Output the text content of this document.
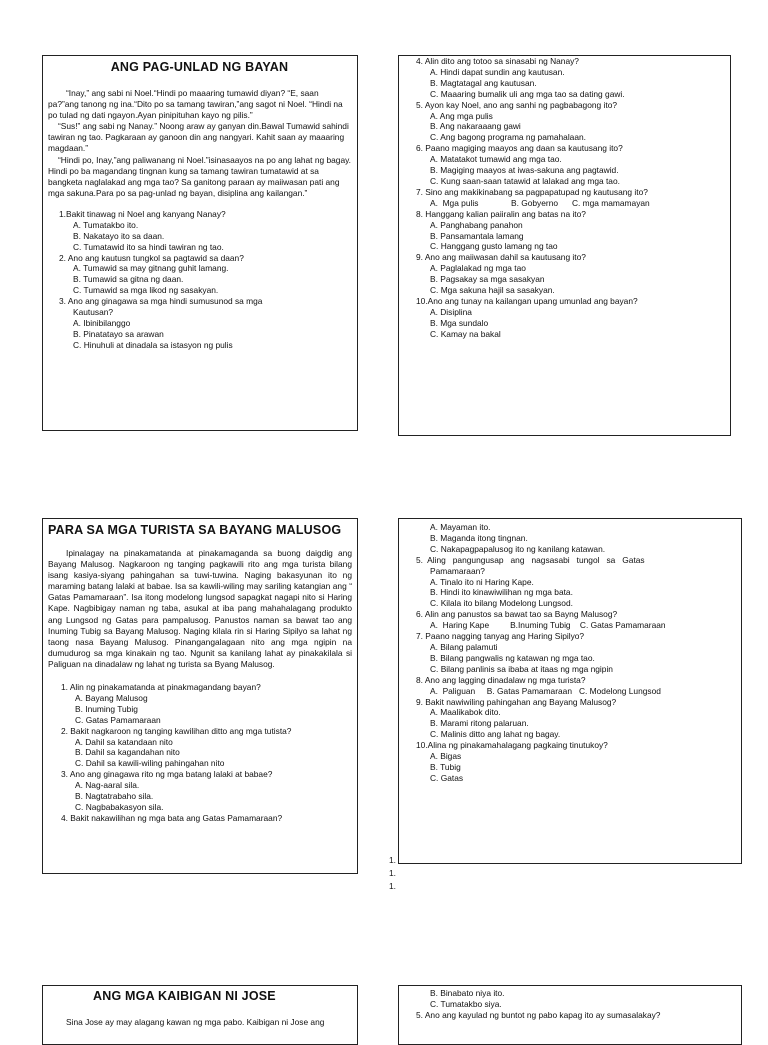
ANG PAG-UNLAD NG BAYAN

“Inay,” ang sabi ni Noel.“Hindi po maaaring tumawid diyan? “E, saan pa?”ang tanong ng ina.“Dito po sa tamang tawiran,”ang sagot ni Noel. “Hindi na po tulad ng dati ngayon.Ayan pinipituhan kayo ng pilis.”

“Sus!” ang sabi ng Nanay.” Noong araw ay ganyan din.Bawal Tumawid sahindi tawiran ng tao. Pagkaraan ay ganoon din ang nangyari. Kahit saan ay maaaring magdaan.”

“Hindi po, Inay,”ang paliwanang ni Noel.”isinasaayos na po ang lahat ng bagay. Hindi po ba magandang tingnan kung sa tamang tawiran tumatawid at sa bangketa naglalakad ang mga tao? Sa ganitong paraan ay maiiwasan pati ang mga sakuna.Para po sa pag-unlad ng bayan, disiplina ang kailangan.”

1.Bakit tinawag ni Noel ang kanyang Nanay?
A. Tumatakbo ito.
B. Nakatayo ito sa daan.
C. Tumatawid ito sa hindi tawiran ng tao.
2. Ano ang kautusn tungkol sa pagtawid sa daan?
A. Tumawid sa may gitnang guhit lamang.
B. Tumawid sa gitna ng daan.
C. Tumawid sa mga likod ng sasakyan.
3. Ano ang ginagawa sa mga hindi sumusunod sa mga
Kautusan?
A. Ibinibilanggo
B. Pinatatayo sa arawan
C. Hinuhuli at dinadala sa istasyon ng pulis
4. Alin dito ang totoo sa sinasabi ng Nanay?
A. Hindi dapat sundin ang kautusan.
B. Magtatagal ang kautusan.
C. Maaaring bumalik uli ang mga tao sa dating gawi.
5. Ayon kay Noel, ano ang sanhi ng pagbabagong ito?
A. Ang mga pulis
B. Ang nakaraaang gawi
C. Ang bagong programa ng pamahalaan.
6. Paano magiging maayos ang daan sa kautusang ito?
A. Matatakot tumawid ang mga tao.
B. Magiging maayos at iwas-sakuna ang pagtawid.
C. Kung saan-saan tatawid at lalakad ang mga tao.
7. Sino ang makikinabang sa pagpapatupad ng kautusang ito?
A.  Mga pulis              B. Gobyerno      C. mga mamamayan
8. Hanggang kalian paiiralin ang batas na ito?
A. Panghabang panahon
B. Pansamantala lamang
C. Hanggang gusto lamang ng tao
9. Ano ang maiiwasan dahil sa kautusang ito?
A. Paglalakad ng mga tao
B. Pagsakay sa mga sasakyan
C. Mga sakuna hajil sa sasakyan.
10.Ano ang tunay na kailangan upang umunlad ang bayan?
A. Disiplina
B. Mga sundalo
C. Kamay na bakal
PARA SA MGA TURISTA SA BAYANG MALUSOG

Ipinalagay na pinakamatanda at pinakamaganda sa buong daigdig ang Bayang Malusog. Nagkaroon ng tanging pagkawili rito ang mga turista bilang isang kasiya-siyang pahingahan sa tuwi-tuwina. Naging bakasyunan ito ng maraming batang lalaki at babae. Isa sa kawili-wiling may sariling katangian ang “ Gatas Pamamaraan”. Isa itong modelong lungsod sapagkat nagapi nito si Haring Kape. Nagbibigay naman ng taba, asukal at iba pang mahahalagang produkto ang Lungsod ng Gatas para pampalusog. Panustos naman sa bawat tao ang Inuming Tubig sa Bayang Malusog. Naging kilala rin si Haring Sipilyo sa lahat ng taong nasa Bayang Malusog. Pinangangalagaan nito ang mga ngipin na dumudurog sa mga kinakain ng tao. Ngunit sa kanilang lahat ay pinakakilala si Paliguan na dinadalaw ng lahat ng turista sa Byang Malusog.

1. Alin ng pinakamatanda at pinakmagandang bayan?
A. Bayang Malusog
B. Inuming Tubig
C. Gatas Pamamaraan
2. Bakit nagkaroon ng tanging kawilihan ditto ang mga tutista?
A. Dahil sa katandaan nito
B. Dahil sa kagandahan nito
C. Dahil sa kawili-wiling pahingahan nito
3. Ano ang ginagawa rito ng mga batang lalaki at babae?
A. Nag-aaral sila.
B. Nagtatrabaho sila.
C. Nagbabakasyon sila.
4. Bakit nakawilihan ng mga bata ang Gatas Pamamaraan?
A. Mayaman ito.
B. Maganda itong tingnan.
C. Nakapagpapalusog ito ng kanilang katawan.
5.  Aling   pangungusap   ang   nagsasabi   tungol   sa   Gatas
Pamamaraan?
A. Tinalo ito ni Haring Kape.
B. Hindi ito kinawiwilihan ng mga bata.
C. Kilala ito bilang Modelong Lungsod.
6. Alin ang panustos sa bawat tao sa Bayng Malusog?
A.  Haring Kape         B.Inuming Tubig    C. Gatas Pamamaraan
7. Paano nagging tanyag ang Haring Sipilyo?
A. Bilang palamuti
B. Bilang pangwalis ng katawan ng mga tao.
C. Bilang panlinis sa ibaba at itaas ng mga ngipin
8. Ano ang lagging dinadalaw ng mga turista?
A.  Paliguan     B. Gatas Pamamaraan   C. Modelong Lungsod
9. Bakit nawiwiling pahingahan ang Bayang Malusog?
A. Maalikabok dito.
B. Marami ritong palaruan.
C. Malinis ditto ang lahat ng bagay.
10.Alina ng pinakamahalagang pagkaing tinutukoy?
A. Bigas
B. Tubig
C. Gatas
1.
1.
1.
ANG MGA KAIBIGAN NI JOSE

Sina Jose ay may alagang kawan ng mga pabo. Kaibigan ni Jose ang

B. Binabato niya ito.
C. Tumatakbo siya.
5. Ano ang kayulad ng buntot ng pabo kapag ito ay sumasalakay?
